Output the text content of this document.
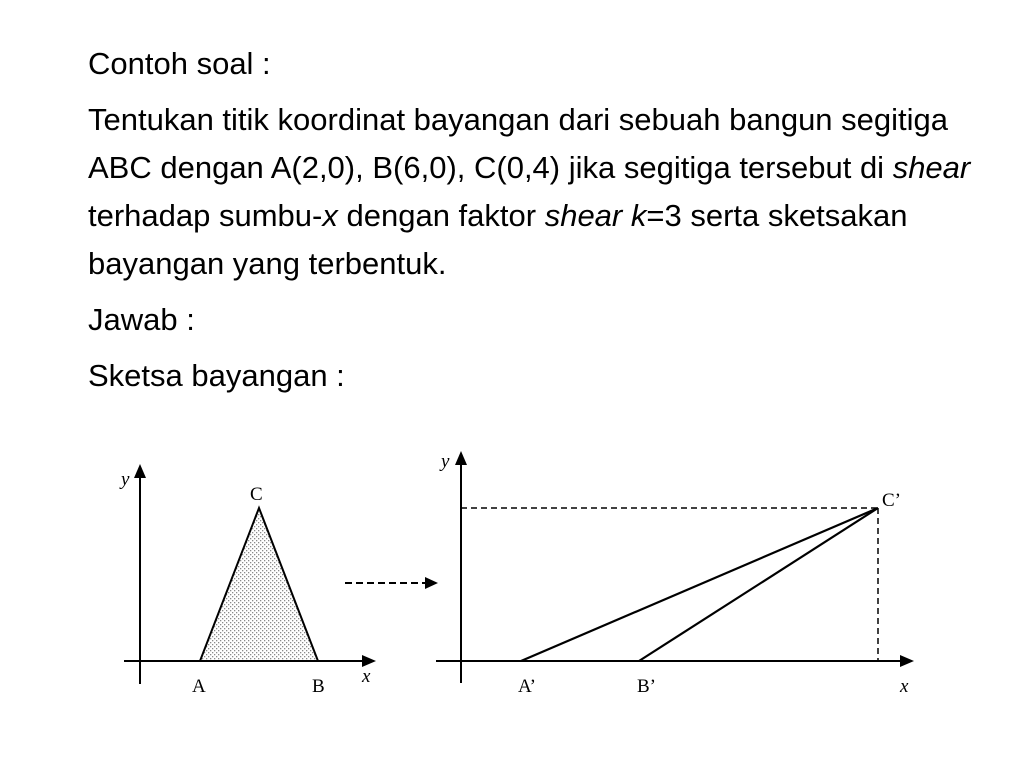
Contoh soal :

Tentukan titik koordinat bayangan dari sebuah bangun segitiga ABC dengan A(2,0), B(6,0), C(0,4) jika segitiga tersebut di shear terhadap sumbu-x dengan faktor shear k=3 serta sketsakan bayangan yang terbentuk.

Jawab :

Sketsa bayangan :

y
x
C
A	B
y
x
C’
A’	B’
